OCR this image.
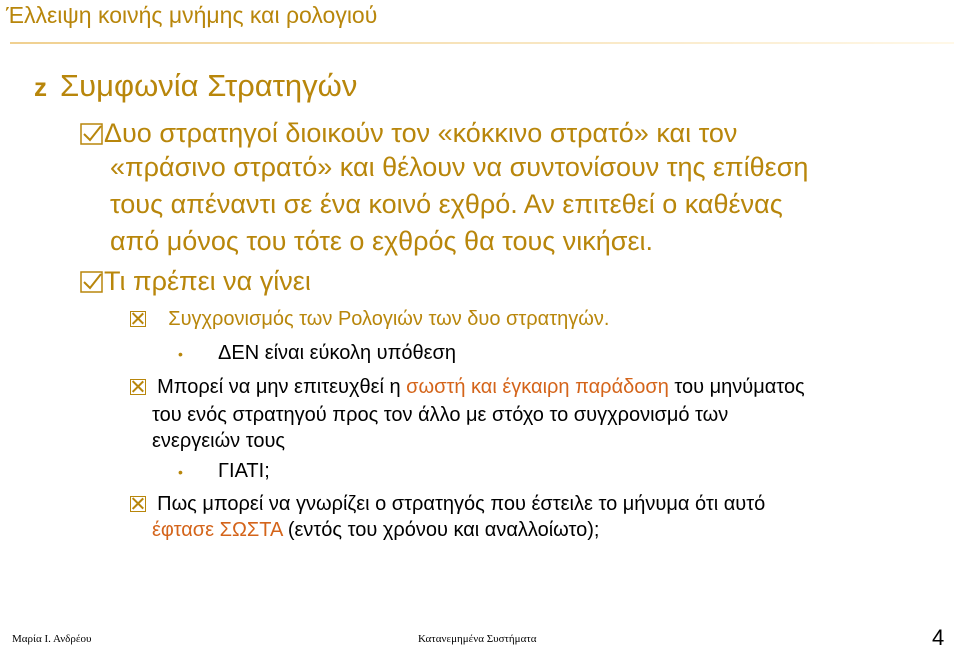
Έλλειψη κοινής μνήμης και ρολογιού
z Συμφωνία Στρατηγών
Δυο στρατηγοί διοικούν τον «κόκκινο στρατό» και τον
«πράσινο στρατό» και θέλουν να συντονίσουν της επίθεση
τους απέναντι σε ένα κοινό εχθρό. Αν επιτεθεί ο καθένας
από μόνος του τότε ο εχθρός θα τους νικήσει.
Τι πρέπει να γίνει
Συγχρονισμός των Ρολογιών των δυο στρατηγών.
• ΔΕΝ είναι εύκολη υπόθεση
Μπορεί να μην επιτευχθεί η σωστή και έγκαιρη παράδοση του μηνύματος
του ενός στρατηγού προς τον άλλο με στόχο το συγχρονισμό των
ενεργειών τους
• ΓΙΑΤΙ;
Πως μπορεί να γνωρίζει ο στρατηγός που έστειλε το μήνυμα ότι αυτό
έφτασε ΣΩΣΤΑ (εντός του χρόνου και αναλλοίωτο);
Μαρία Ι. Ανδρέου	Κατανεμημένα Συστήματα	4
